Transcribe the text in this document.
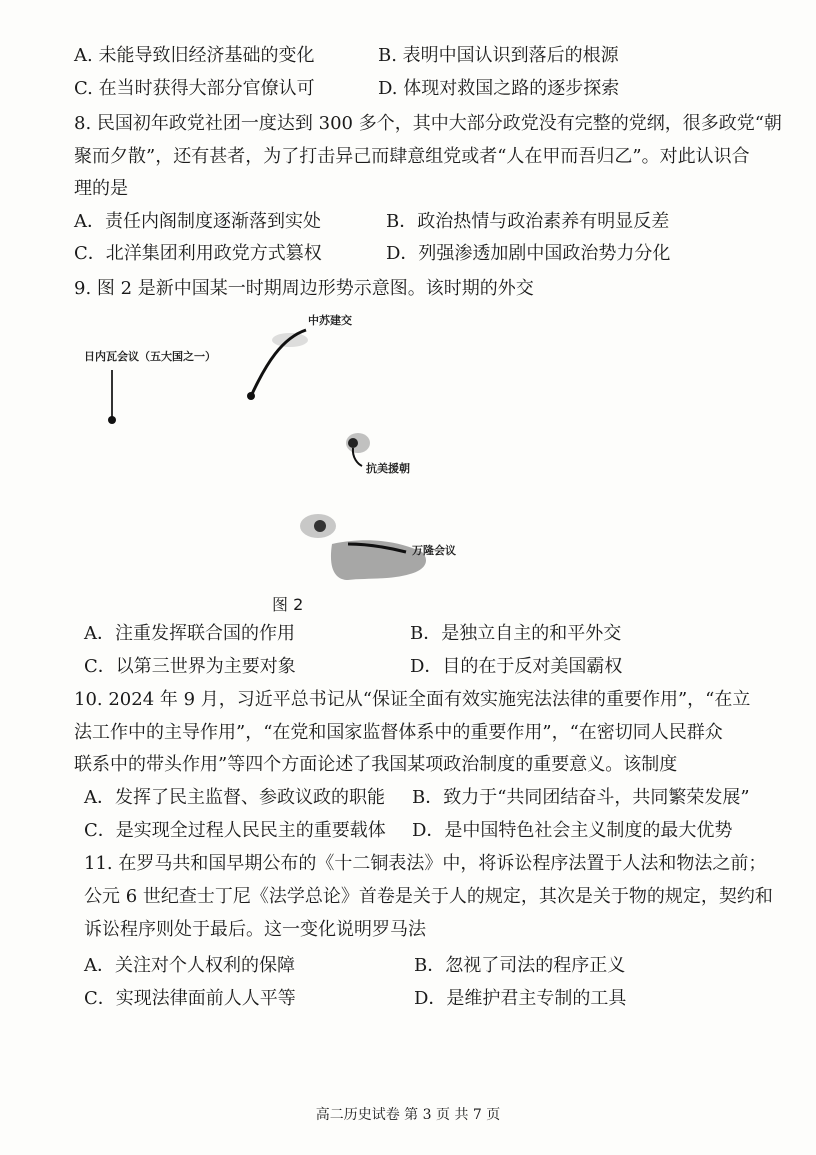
A. 未能导致旧经济基础的变化	B. 表明中国认识到落后的根源
C. 在当时获得大部分官僚认可	D. 体现对救国之路的逐步探索
8. 民国初年政党社团一度达到 300 多个，其中大部分政党没有完整的党纲，很多政党“朝
聚而夕散”，还有甚者，为了打击异己而肆意组党或者“人在甲而吾归乙”。对此认识合
理的是
A．责任内阁制度逐渐落到实处	B．政治热情与政治素养有明显反差
C．北洋集团利用政党方式篡权	D．列强渗透加剧中国政治势力分化
9. 图 2 是新中国某一时期周边形势示意图。该时期的外交
日内瓦会议（五大国之一）
中苏建交
抗美援朝
万隆会议
图 2
A．注重发挥联合国的作用	B．是独立自主的和平外交
C．以第三世界为主要对象	D．目的在于反对美国霸权
10. 2024 年 9 月，习近平总书记从“保证全面有效实施宪法法律的重要作用”，“在立
法工作中的主导作用”，“在党和国家监督体系中的重要作用”，“在密切同人民群众
联系中的带头作用”等四个方面论述了我国某项政治制度的重要意义。该制度
A．发挥了民主监督、参政议政的职能 B．致力于“共同团结奋斗，共同繁荣发展”
C．是实现全过程人民民主的重要载体 D．是中国特色社会主义制度的最大优势
11. 在罗马共和国早期公布的《十二铜表法》中，将诉讼程序法置于人法和物法之前；
公元 6 世纪查士丁尼《法学总论》首卷是关于人的规定，其次是关于物的规定，契约和
诉讼程序则处于最后。这一变化说明罗马法
A．关注对个人权利的保障	B．忽视了司法的程序正义
C．实现法律面前人人平等	D．是维护君主专制的工具
高二历史试卷 第 3 页 共 7 页
